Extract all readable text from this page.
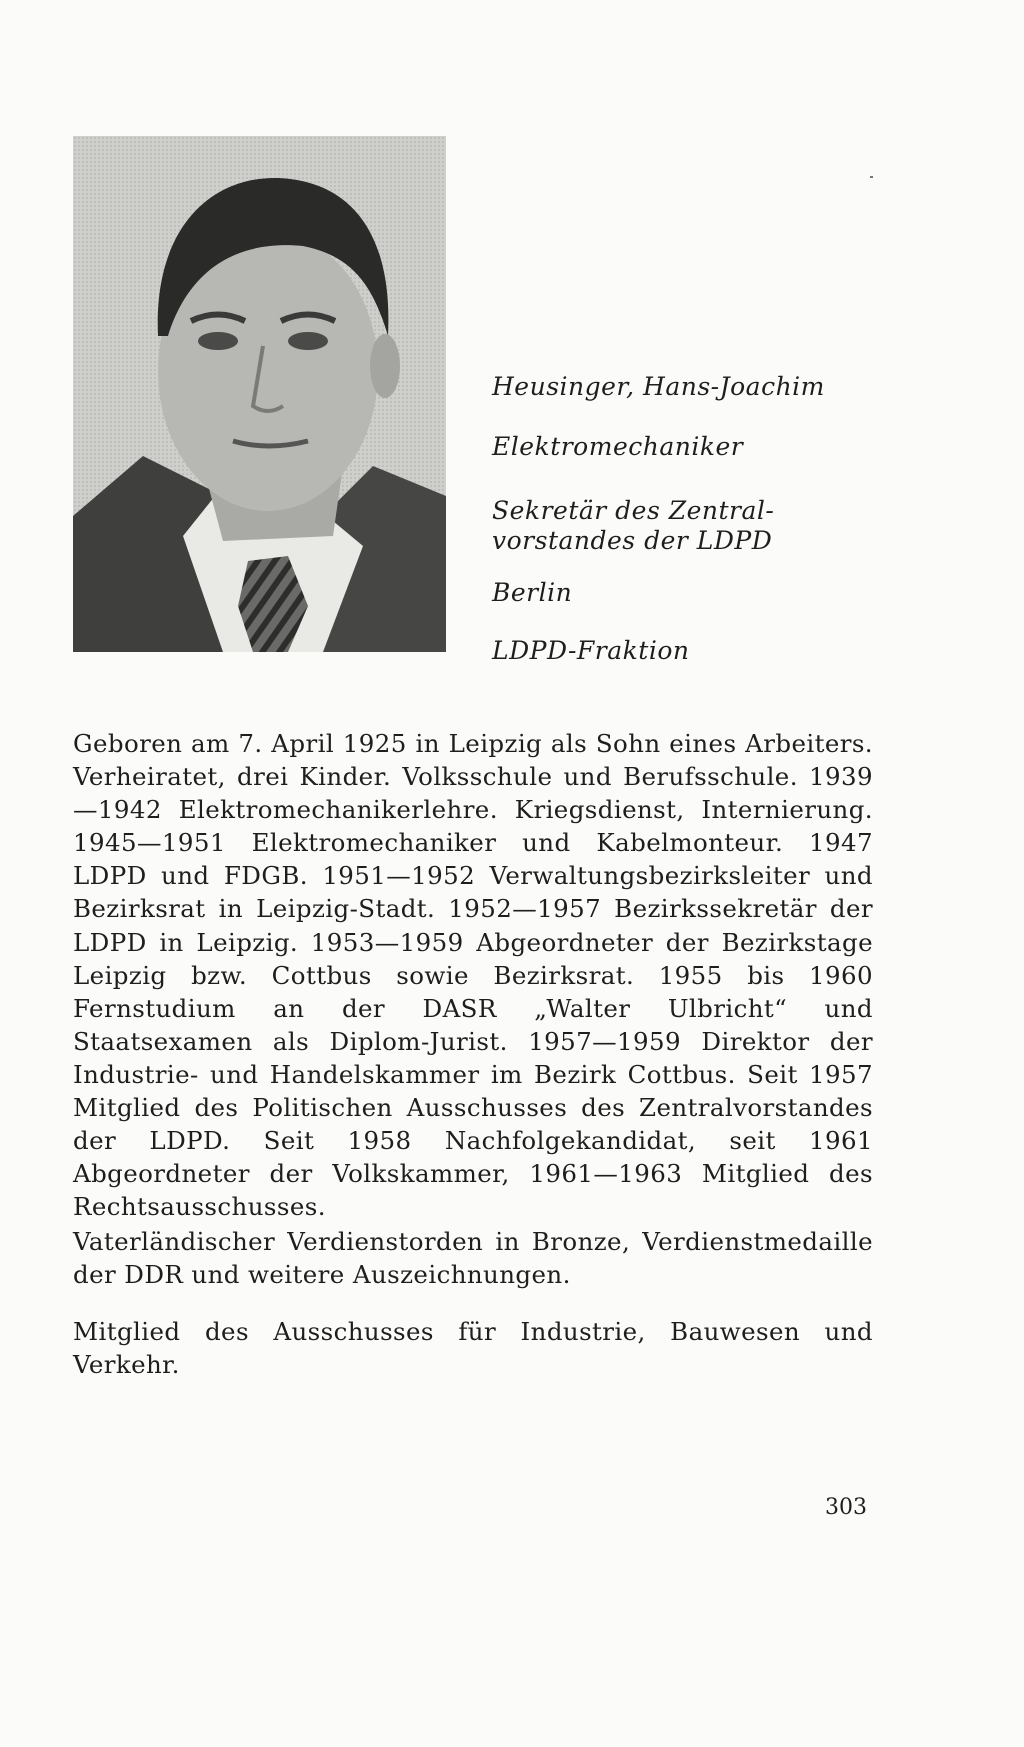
Heusinger, Hans-Joachim
Elektromechaniker
Sekretär des Zentral-vorstandes der LDPD
Berlin
LDPD-Fraktion

Geboren am 7. April 1925 in Leipzig als Sohn eines Arbeiters. Verheiratet, drei Kinder. Volksschule und Berufsschule. 1939—1942 Elektromechanikerlehre. Kriegsdienst, Internierung. 1945—1951 Elektromechaniker und Kabelmonteur. 1947 LDPD und FDGB. 1951—1952 Verwaltungsbezirksleiter und Bezirksrat in Leipzig-Stadt. 1952—1957 Bezirkssekretär der LDPD in Leipzig. 1953—1959 Abgeordneter der Bezirkstage Leipzig bzw. Cottbus sowie Bezirksrat. 1955 bis 1960 Fernstudium an der DASR „Walter Ulbricht“ und Staatsexamen als Diplom-Jurist. 1957—1959 Direktor der Industrie- und Handelskammer im Bezirk Cottbus. Seit 1957 Mitglied des Politischen Ausschusses des Zentralvorstandes der LDPD. Seit 1958 Nachfolgekandidat, seit 1961 Abgeordneter der Volkskammer, 1961—1963 Mitglied des Rechtsausschusses.

Vaterländischer Verdienstorden in Bronze, Verdienstmedaille der DDR und weitere Auszeichnungen.

Mitglied des Ausschusses für Industrie, Bauwesen und Verkehr.

303
